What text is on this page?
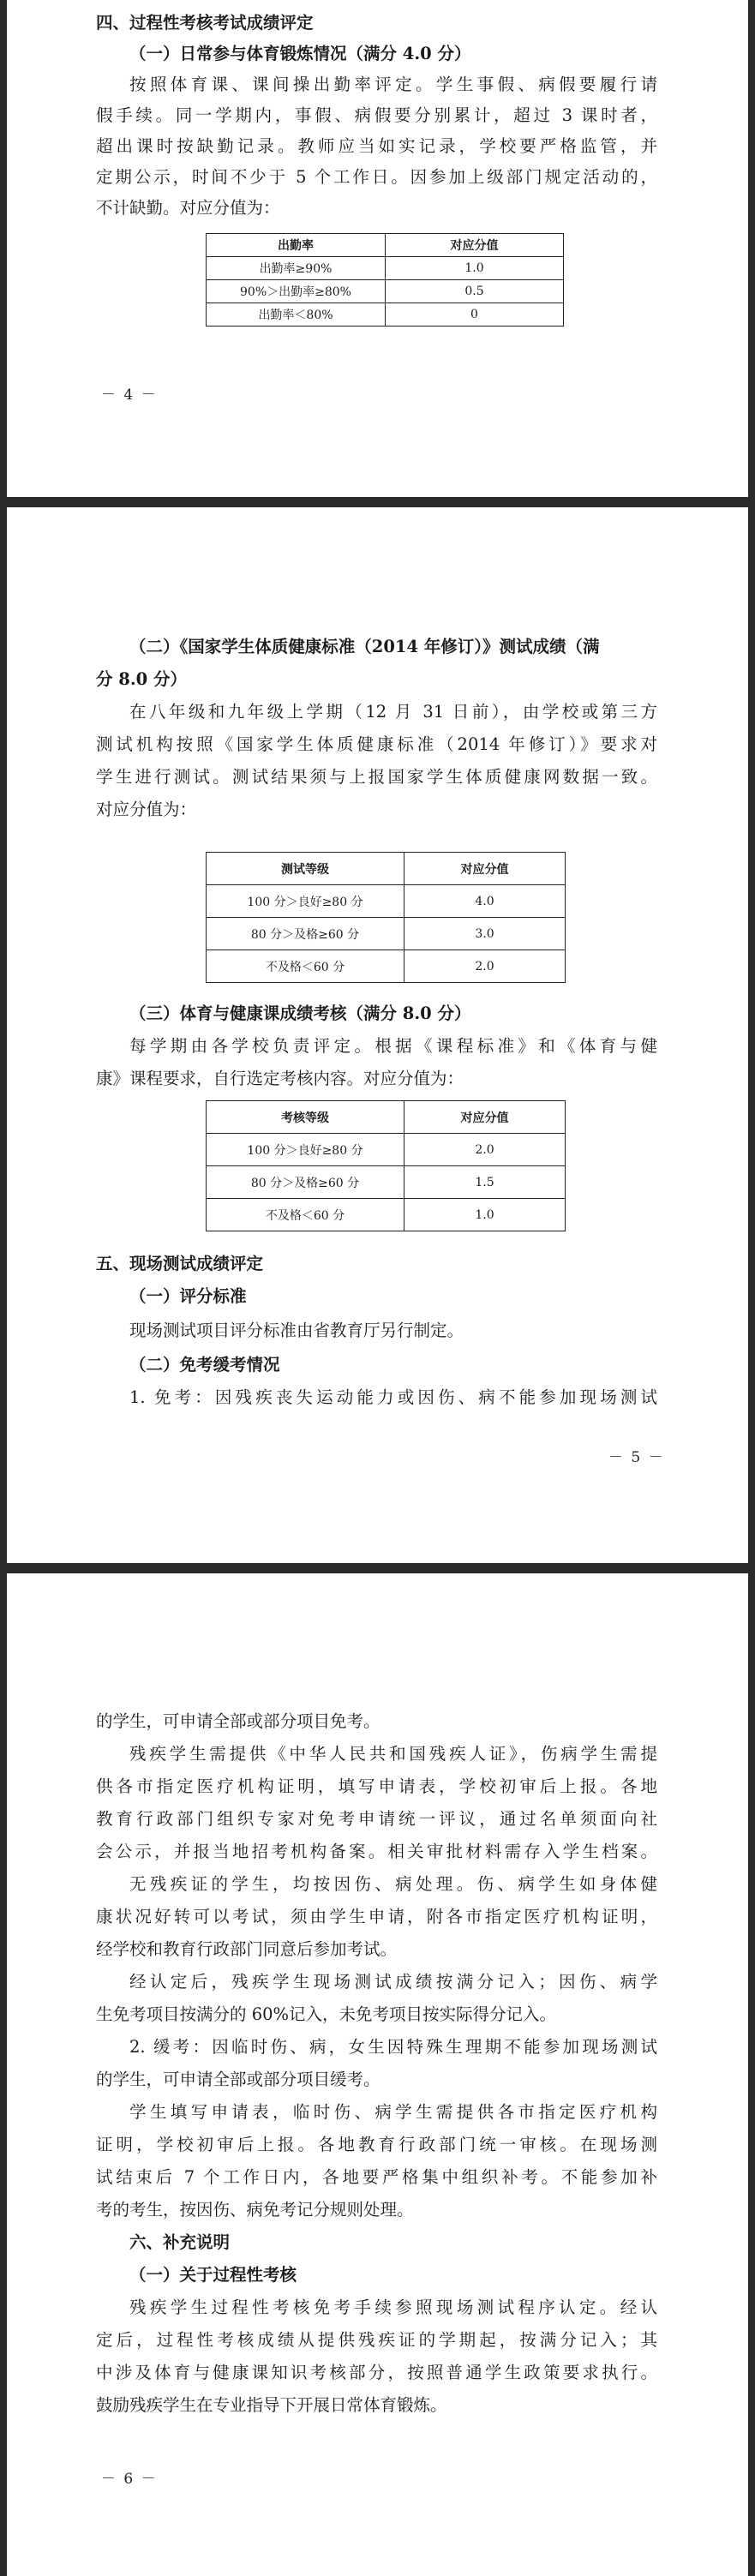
四、过程性考核考试成绩评定
（一）日常参与体育锻炼情况（满分 4.0 分）
按照体育课、课间操出勤率评定。学生事假、病假要履行请
假手续。同一学期内，事假、病假要分别累计，超过 3 课时者，
超出课时按缺勤记录。教师应当如实记录，学校要严格监管，并
定期公示，时间不少于 5 个工作日。因参加上级部门规定活动的，
不计缺勤。对应分值为：
出勤率	对应分值
出勤率≥90%	1.0
90%＞出勤率≥80%	0.5
出勤率＜80%	0
－ 4 －
（二）《国家学生体质健康标准（2014 年修订）》测试成绩（满
分 8.0 分）
在八年级和九年级上学期（12 月 31 日前），由学校或第三方
测试机构按照《国家学生体质健康标准（2014 年修订）》要求对
学生进行测试。测试结果须与上报国家学生体质健康网数据一致。
对应分值为：
测试等级	对应分值
100 分＞良好≥80 分	4.0
80 分＞及格≥60 分	3.0
不及格＜60 分	2.0
（三）体育与健康课成绩考核（满分 8.0 分）
每学期由各学校负责评定。根据《课程标准》和《体育与健
康》课程要求，自行选定考核内容。对应分值为：
考核等级	对应分值
100 分＞良好≥80 分	2.0
80 分＞及格≥60 分	1.5
不及格＜60 分	1.0
五、现场测试成绩评定
（一）评分标准
现场测试项目评分标准由省教育厅另行制定。
（二）免考缓考情况
1. 免考：因残疾丧失运动能力或因伤、病不能参加现场测试
－ 5 －
的学生，可申请全部或部分项目免考。
残疾学生需提供《中华人民共和国残疾人证》，伤病学生需提
供各市指定医疗机构证明，填写申请表，学校初审后上报。各地
教育行政部门组织专家对免考申请统一评议，通过名单须面向社
会公示，并报当地招考机构备案。相关审批材料需存入学生档案。
无残疾证的学生，均按因伤、病处理。伤、病学生如身体健
康状况好转可以考试，须由学生申请，附各市指定医疗机构证明，
经学校和教育行政部门同意后参加考试。
经认定后，残疾学生现场测试成绩按满分记入；因伤、病学
生免考项目按满分的 60%记入，未免考项目按实际得分记入。
2. 缓考：因临时伤、病，女生因特殊生理期不能参加现场测试
的学生，可申请全部或部分项目缓考。
学生填写申请表，临时伤、病学生需提供各市指定医疗机构
证明，学校初审后上报。各地教育行政部门统一审核。在现场测
试结束后 7 个工作日内，各地要严格集中组织补考。不能参加补
考的考生，按因伤、病免考记分规则处理。
六、补充说明
（一）关于过程性考核
残疾学生过程性考核免考手续参照现场测试程序认定。经认
定后，过程性考核成绩从提供残疾证的学期起，按满分记入；其
中涉及体育与健康课知识考核部分，按照普通学生政策要求执行。
鼓励残疾学生在专业指导下开展日常体育锻炼。
－ 6 －
